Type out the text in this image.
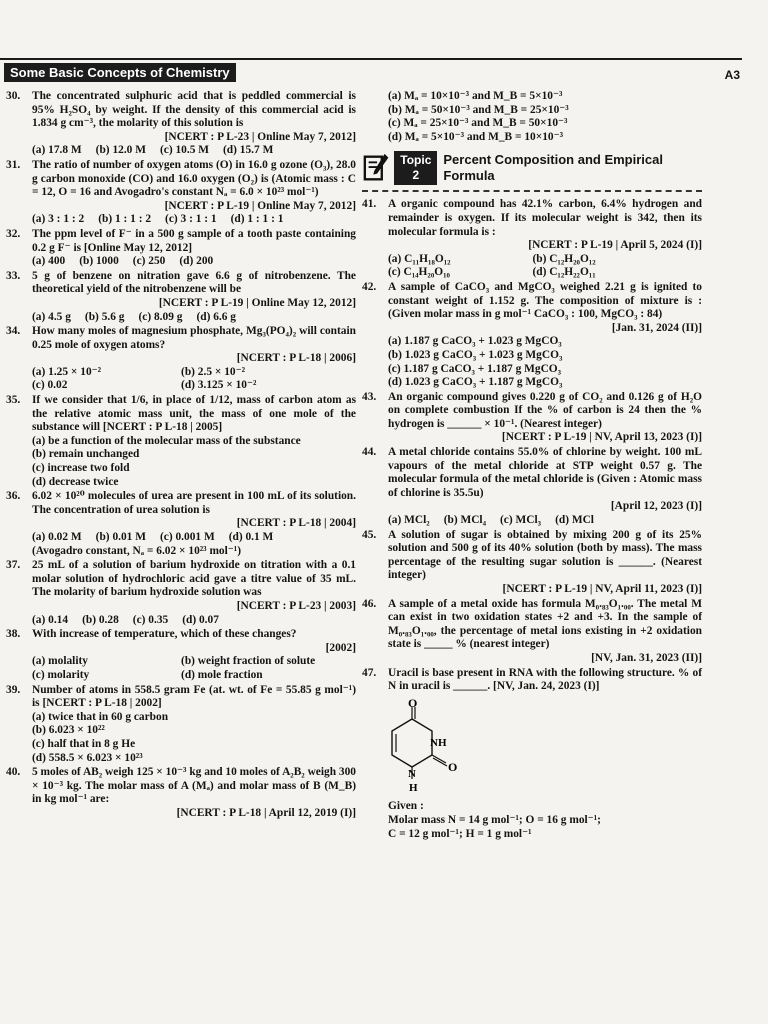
Some Basic Concepts of Chemistry	A3
30. The concentrated sulphuric acid that is peddled commercial is 95% H₂SO₄ by weight. If the density of this commercial acid is 1.834 g cm⁻³, the molarity of this solution is
[NCERT : P L-23 | Online May 7, 2012]
(a) 17.8 M (b) 12.0 M (c) 10.5 M (d) 15.7 M
31. The ratio of number of oxygen atoms (O) in 16.0 g ozone (O₃), 28.0 g carbon monoxide (CO) and 16.0 oxygen (O₂) is (Atomic mass : C = 12, O = 16 and Avogadro's constant Nₐ = 6.0 × 10²³ mol⁻¹)
[NCERT : P L-19 | Online May 7, 2012]
(a) 3 : 1 : 2 (b) 1 : 1 : 2 (c) 3 : 1 : 1 (d) 1 : 1 : 1
32. The ppm level of F⁻ in a 500 g sample of a tooth paste containing 0.2 g F⁻ is [Online May 12, 2012]
(a) 400 (b) 1000 (c) 250 (d) 200
33. 5 g of benzene on nitration gave 6.6 g of nitrobenzene. The theoretical yield of the nitrobenzene will be
[NCERT : P L-19 | Online May 12, 2012]
(a) 4.5 g (b) 5.6 g (c) 8.09 g (d) 6.6 g
34. How many moles of magnesium phosphate, Mg₃(PO₄)₂ will contain 0.25 mole of oxygen atoms?
[NCERT : P L-18 | 2006]
(a) 1.25 × 10⁻²	(b) 2.5 × 10⁻²
(c) 0.02	(d) 3.125 × 10⁻²
35. If we consider that 1/6, in place of 1/12, mass of carbon atom as the relative atomic mass unit, the mass of one mole of the substance will [NCERT : P L-18 | 2005]
(a) be a function of the molecular mass of the substance
(b) remain unchanged
(c) increase two fold
(d) decrease twice
36. 6.02 × 10²⁰ molecules of urea are present in 100 mL of its solution. The concentration of urea solution is
[NCERT : P L-18 | 2004]
(a) 0.02 M (b) 0.01 M (c) 0.001 M (d) 0.1 M
(Avogadro constant, Nₐ = 6.02 × 10²³ mol⁻¹)
37. 25 mL of a solution of barium hydroxide on titration with a 0.1 molar solution of hydrochloric acid gave a titre value of 35 mL. The molarity of barium hydroxide solution was
[NCERT : P L-23 | 2003]
(a) 0.14 (b) 0.28 (c) 0.35 (d) 0.07
38. With increase of temperature, which of these changes?
[2002]
(a) molality	(b) weight fraction of solute
(c) molarity	(d) mole fraction
39. Number of atoms in 558.5 gram Fe (at. wt. of Fe = 55.85 g mol⁻¹) is [NCERT : P L-18 | 2002]
(a) twice that in 60 g carbon
(b) 6.023 × 10²²
(c) half that in 8 g He
(d) 558.5 × 6.023 × 10²³
40. 5 moles of AB₂ weigh 125 × 10⁻³ kg and 10 moles of A₂B₂ weigh 300 × 10⁻³ kg. The molar mass of A (Mₐ) and molar mass of B (M_B) in kg mol⁻¹ are:
[NCERT : P L-18 | April 12, 2019 (I)]
(a) Mₐ = 10×10⁻³ and M_B = 5×10⁻³
(b) Mₐ = 50×10⁻³ and M_B = 25×10⁻³
(c) Mₐ = 25×10⁻³ and M_B = 50×10⁻³
(d) Mₐ = 5×10⁻³ and M_B = 10×10⁻³
Topic
2
Percent Composition and Empirical Formula
41. A organic compound has 42.1% carbon, 6.4% hydrogen and remainder is oxygen. If its molecular weight is 342, then its molecular formula is :
[NCERT : P L-19 | April 5, 2024 (I)]
(a) C₁₁H₁₈O₁₂	(b) C₁₂H₂₀O₁₂
(c) C₁₄H₂₀O₁₀	(d) C₁₂H₂₂O₁₁
42. A sample of CaCO₃ and MgCO₃ weighed 2.21 g is ignited to constant weight of 1.152 g. The composition of mixture is : (Given molar mass in g mol⁻¹ CaCO₃ : 100, MgCO₃ : 84)
[Jan. 31, 2024 (II)]
(a) 1.187 g CaCO₃ + 1.023 g MgCO₃
(b) 1.023 g CaCO₃ + 1.023 g MgCO₃
(c) 1.187 g CaCO₃ + 1.187 g MgCO₃
(d) 1.023 g CaCO₃ + 1.187 g MgCO₃
43. An organic compound gives 0.220 g of CO₂ and 0.126 g of H₂O on complete combustion If the % of carbon is 24 then the % hydrogen is ______ × 10⁻¹. (Nearest integer)
[NCERT : P L-19 | NV, April 13, 2023 (I)]
44. A metal chloride contains 55.0% of chlorine by weight. 100 mL vapours of the metal chloride at STP weight 0.57 g. The molecular formula of the metal chloride is (Given : Atomic mass of chlorine is 35.5u)
[April 12, 2023 (I)]
(a) MCl₂ (b) MCl₄ (c) MCl₃ (d) MCl
45. A solution of sugar is obtained by mixing 200 g of its 25% solution and 500 g of its 40% solution (both by mass). The mass percentage of the resulting sugar solution is ______. (Nearest integer)
[NCERT : P L-19 | NV, April 11, 2023 (I)]
46. A sample of a metal oxide has formula M₀.₈₃O₁.₀₀. The metal M can exist in two oxidation states +2 and +3. In the sample of M₀.₈₃O₁.₀₀, the percentage of metal ions existing in +2 oxidation state is _____ % (nearest integer)
[NV, Jan. 31, 2023 (II)]
47. Uracil is base present in RNA with the following structure. % of N in uracil is ______. [NV, Jan. 24, 2023 (I)]
O
NH
O
N
H
Given :
Molar mass N = 14 g mol⁻¹; O = 16 g mol⁻¹;
C = 12 g mol⁻¹; H = 1 g mol⁻¹
